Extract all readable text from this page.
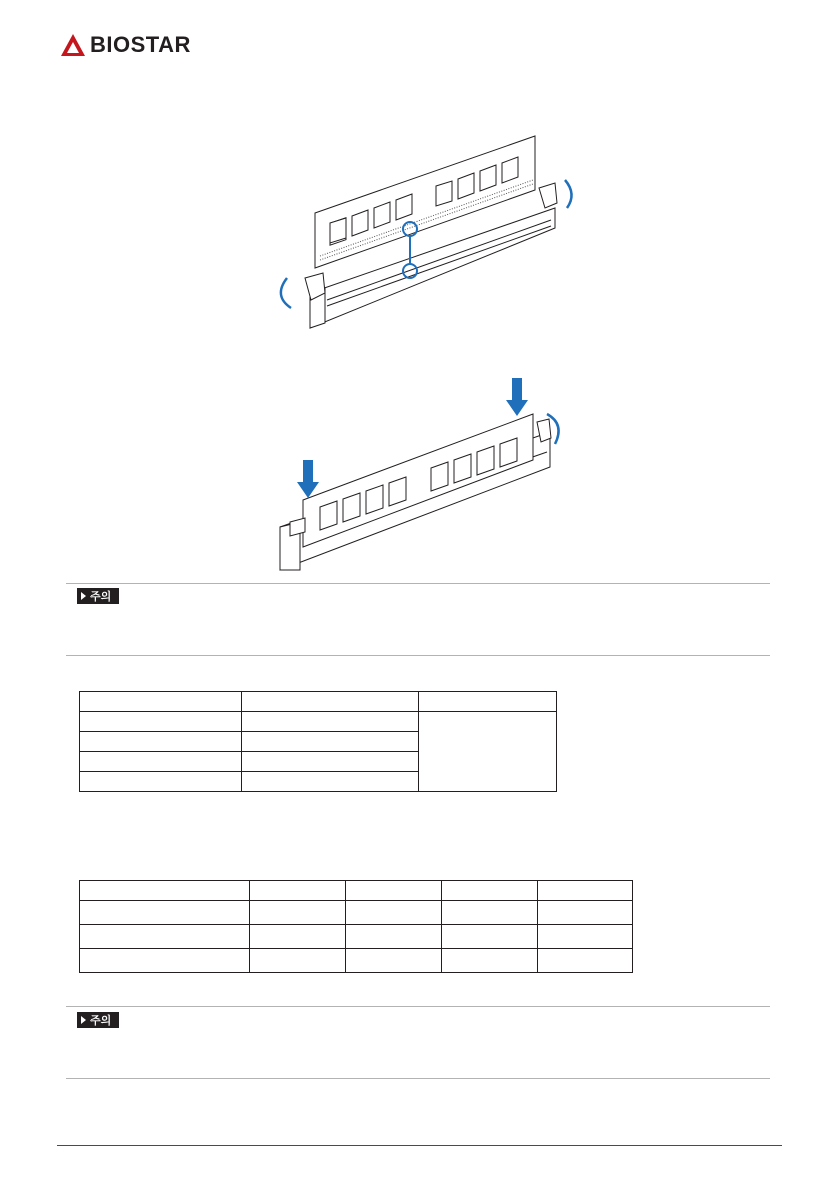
BIOSTAR
주의

주의
